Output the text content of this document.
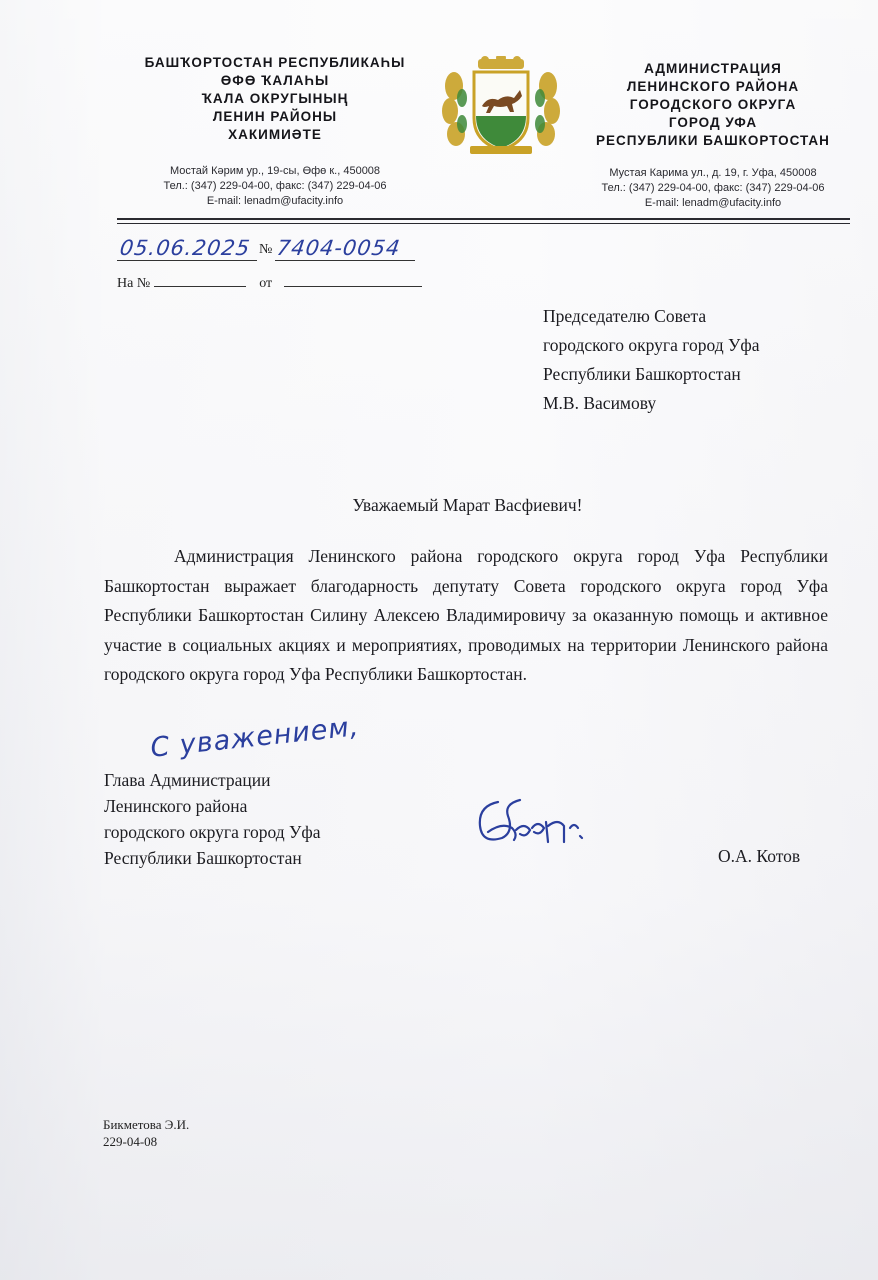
БАШҠОРТОСТАН РЕСПУБЛИКАҺЫ
ӨФӨ ҠАЛАҺЫ
ҠАЛА ОКРУГЫНЫҢ
ЛЕНИН РАЙОНЫ
ХАКИМИӘТЕ
Мостай Кәрим ур., 19-сы, Өфө к., 450008
Тел.: (347) 229-04-00, факс: (347) 229-04-06
E-mail: lenadm@ufacity.info
АДМИНИСТРАЦИЯ
ЛЕНИНСКОГО РАЙОНА
ГОРОДСКОГО ОКРУГА
ГОРОД УФА
РЕСПУБЛИКИ БАШКОРТОСТАН
Мустая Карима ул., д. 19, г. Уфа, 450008
Тел.: (347) 229-04-00, факс: (347) 229-04-06
E-mail: lenadm@ufacity.info
05.06.2025 № 7404-0054
На №	от
Председателю Совета
городского округа город Уфа
Республики Башкортостан
М.В. Васимову
Уважаемый Марат Васфиевич!

Администрация Ленинского района городского округа город Уфа Республики Башкортостан выражает благодарность депутату Совета городского округа город Уфа Республики Башкортостан Силину Алексею Владимировичу за оказанную помощь и активное участие в социальных акциях и мероприятиях, проводимых на территории Ленинского района городского округа город Уфа Республики Башкортостан.

С уважением,
Глава Администрации
Ленинского района
городского округа город Уфа
Республики Башкортостан	О.А. Котов
Бикметова Э.И.
229-04-08
